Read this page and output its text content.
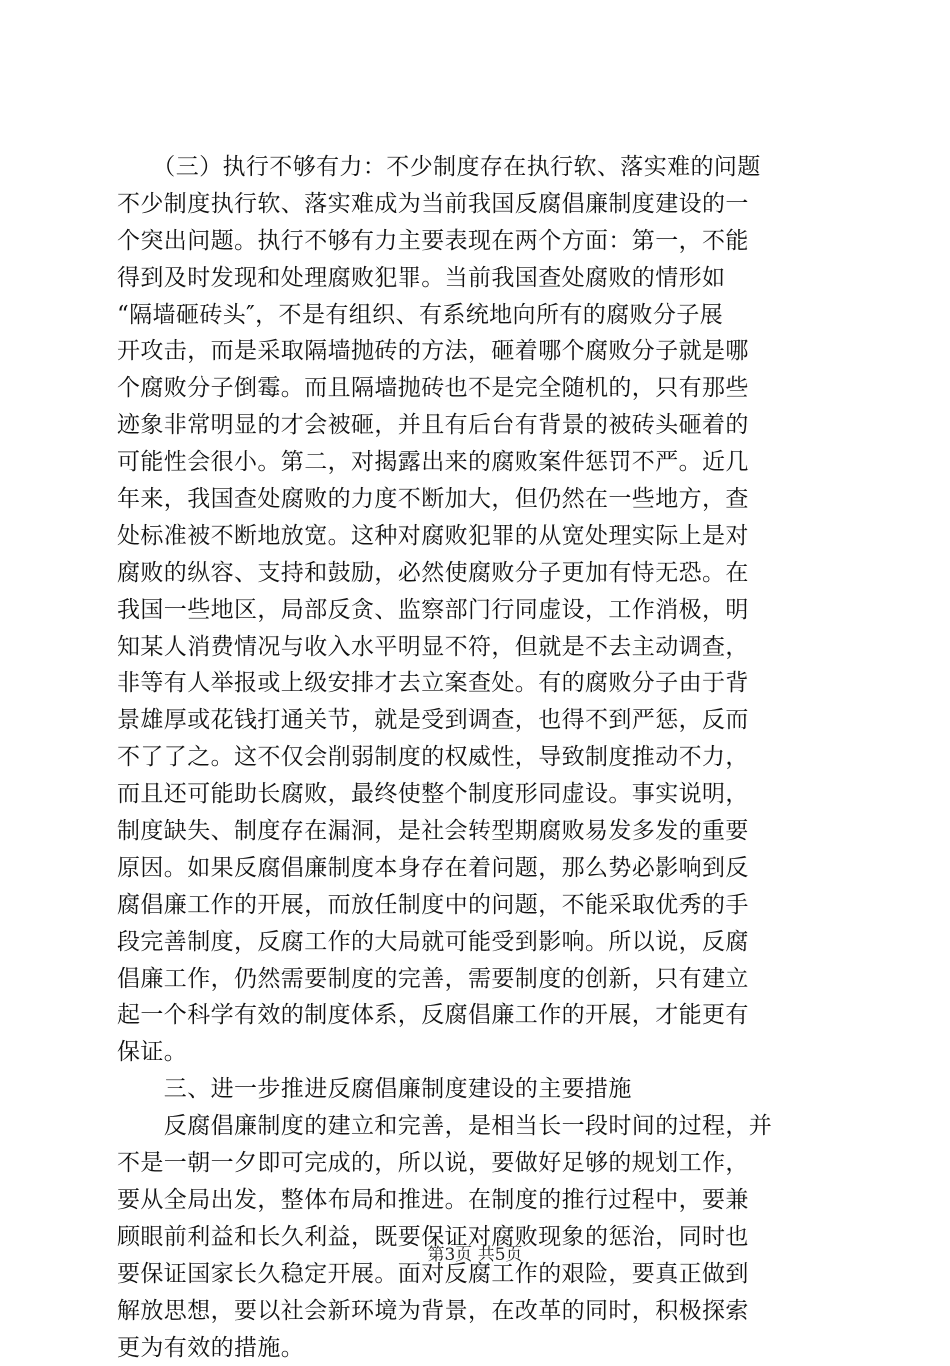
　　（三）执行不够有力：不少制度存在执行软、落实难的问题
不少制度执行软、落实难成为当前我国反腐倡廉制度建设的一
个突出问题。执行不够有力主要表现在两个方面：第一，不能
得到及时发现和处理腐败犯罪。当前我国查处腐败的情形如
“隔墙砸砖头″，不是有组织、有系统地向所有的腐败分子展
开攻击，而是采取隔墙抛砖的方法，砸着哪个腐败分子就是哪
个腐败分子倒霉。而且隔墙抛砖也不是完全随机的，只有那些
迹象非常明显的才会被砸，并且有后台有背景的被砖头砸着的
可能性会很小。第二，对揭露出来的腐败案件惩罚不严。近几
年来，我国查处腐败的力度不断加大，但仍然在一些地方，查
处标准被不断地放宽。这种对腐败犯罪的从宽处理实际上是对
腐败的纵容、支持和鼓励，必然使腐败分子更加有恃无恐。在
我国一些地区，局部反贪、监察部门行同虚设，工作消极，明
知某人消费情况与收入水平明显不符，但就是不去主动调查，
非等有人举报或上级安排才去立案查处。有的腐败分子由于背
景雄厚或花钱打通关节，就是受到调查，也得不到严惩，反而
不了了之。这不仅会削弱制度的权威性，导致制度推动不力，
而且还可能助长腐败，最终使整个制度形同虚设。事实说明，
制度缺失、制度存在漏洞，是社会转型期腐败易发多发的重要
原因。如果反腐倡廉制度本身存在着问题，那么势必影响到反
腐倡廉工作的开展，而放任制度中的问题，不能采取优秀的手
段完善制度，反腐工作的大局就可能受到影响。所以说，反腐
倡廉工作，仍然需要制度的完善，需要制度的创新，只有建立
起一个科学有效的制度体系，反腐倡廉工作的开展，才能更有
保证。
　　三、进一步推进反腐倡廉制度建设的主要措施
　　反腐倡廉制度的建立和完善，是相当长一段时间的过程，并
不是一朝一夕即可完成的，所以说，要做好足够的规划工作，
要从全局出发，整体布局和推进。在制度的推行过程中，要兼
顾眼前利益和长久利益，既要保证对腐败现象的惩治，同时也
要保证国家长久稳定开展。面对反腐工作的艰险，要真正做到
解放思想，要以社会新环境为背景，在改革的同时，积极探索
更为有效的措施。
第3页 共5页
